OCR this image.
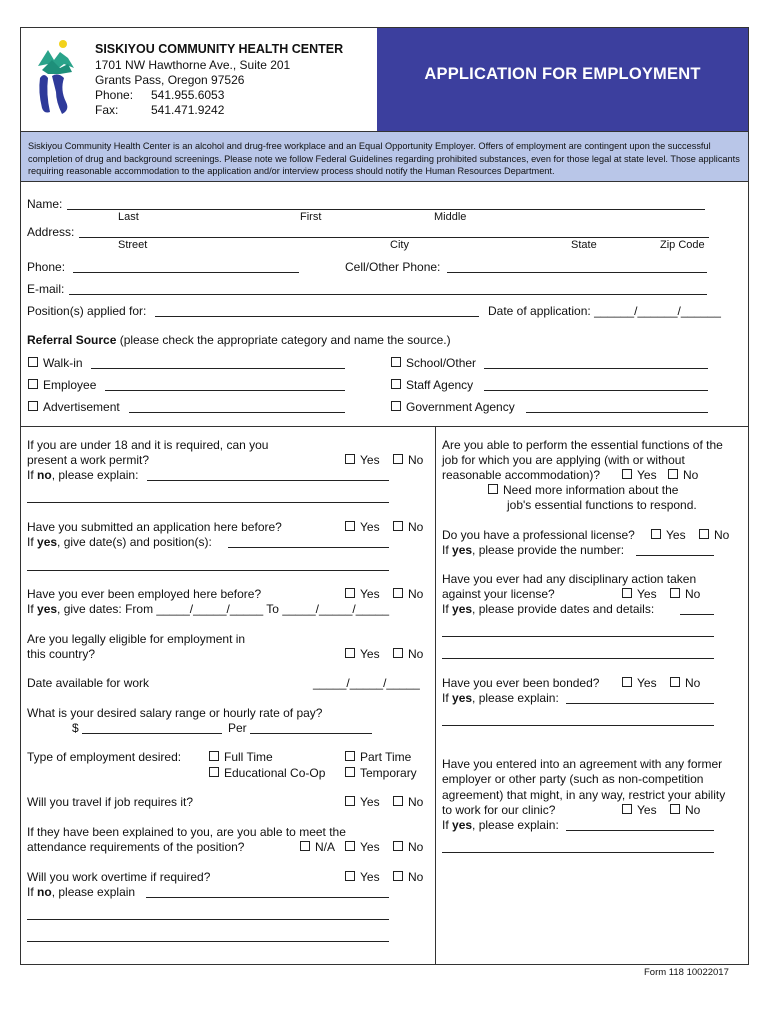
APPLICATION FOR EMPLOYMENT
SISKIYOU COMMUNITY HEALTH CENTER
1701 NW Hawthorne Ave., Suite 201
Grants Pass, Oregon 97526
Phone: 541.955.6053
Fax:	541.471.9242
Siskiyou Community Health Center is an alcohol and drug-free workplace and an Equal Opportunity Employer. Offers of employment are contingent upon the successful completion of drug and background screenings. Please note we follow Federal Guidelines regarding prohibited substances, even for those legal at state level. Those applicants requiring reasonable accommodation to the application and/or interview process should notify the Human Resources Department.
Name:
Last	First	Middle
Address:
Street	City	State	Zip Code
Phone:	Cell/Other Phone:
E-mail:
Position(s) applied for:	Date of application: ______/______/______
Referral Source (please check the appropriate category and name the source.)
Walk-in	School/Other
Employee	Staff Agency
Advertisement	Government Agency
If you are under 18 and it is required, can you
present a work permit?	Yes	No
If no, please explain:
Have you submitted an application here before?	Yes	No
If yes, give date(s) and position(s):
Have you ever been employed here before?	Yes	No
If yes, give dates: From _____/_____/_____ To _____/_____/_____
Are you legally eligible for employment in
this country?	Yes	No
Date available for work	_____/_____/_____
What is your desired salary range or hourly rate of pay?
$	Per
Type of employment desired:	Full Time	Part Time
Educational Co-Op	Temporary
Will you travel if job requires it?	Yes	No
If they have been explained to you, are you able to meet the
attendance requirements of the position?	N/A	Yes	No
Will you work overtime if required?	Yes	No
If no, please explain
Are you able to perform the essential functions of the
job for which you are applying (with or without
reasonable accommodation)?	Yes	No
Need more information about the
job's essential functions to respond.
Do you have a professional license?	Yes	No
If yes, please provide the number:
Have you ever had any disciplinary action taken
against your license?	Yes	No
If yes, please provide dates and details:
Have you ever been bonded?	Yes	No
If yes, please explain:
Have you entered into an agreement with any former
employer or other party (such as non-competition
agreement) that might, in any way, restrict your ability
to work for our clinic?	Yes	No
If yes, please explain:
Form 118 10022017
